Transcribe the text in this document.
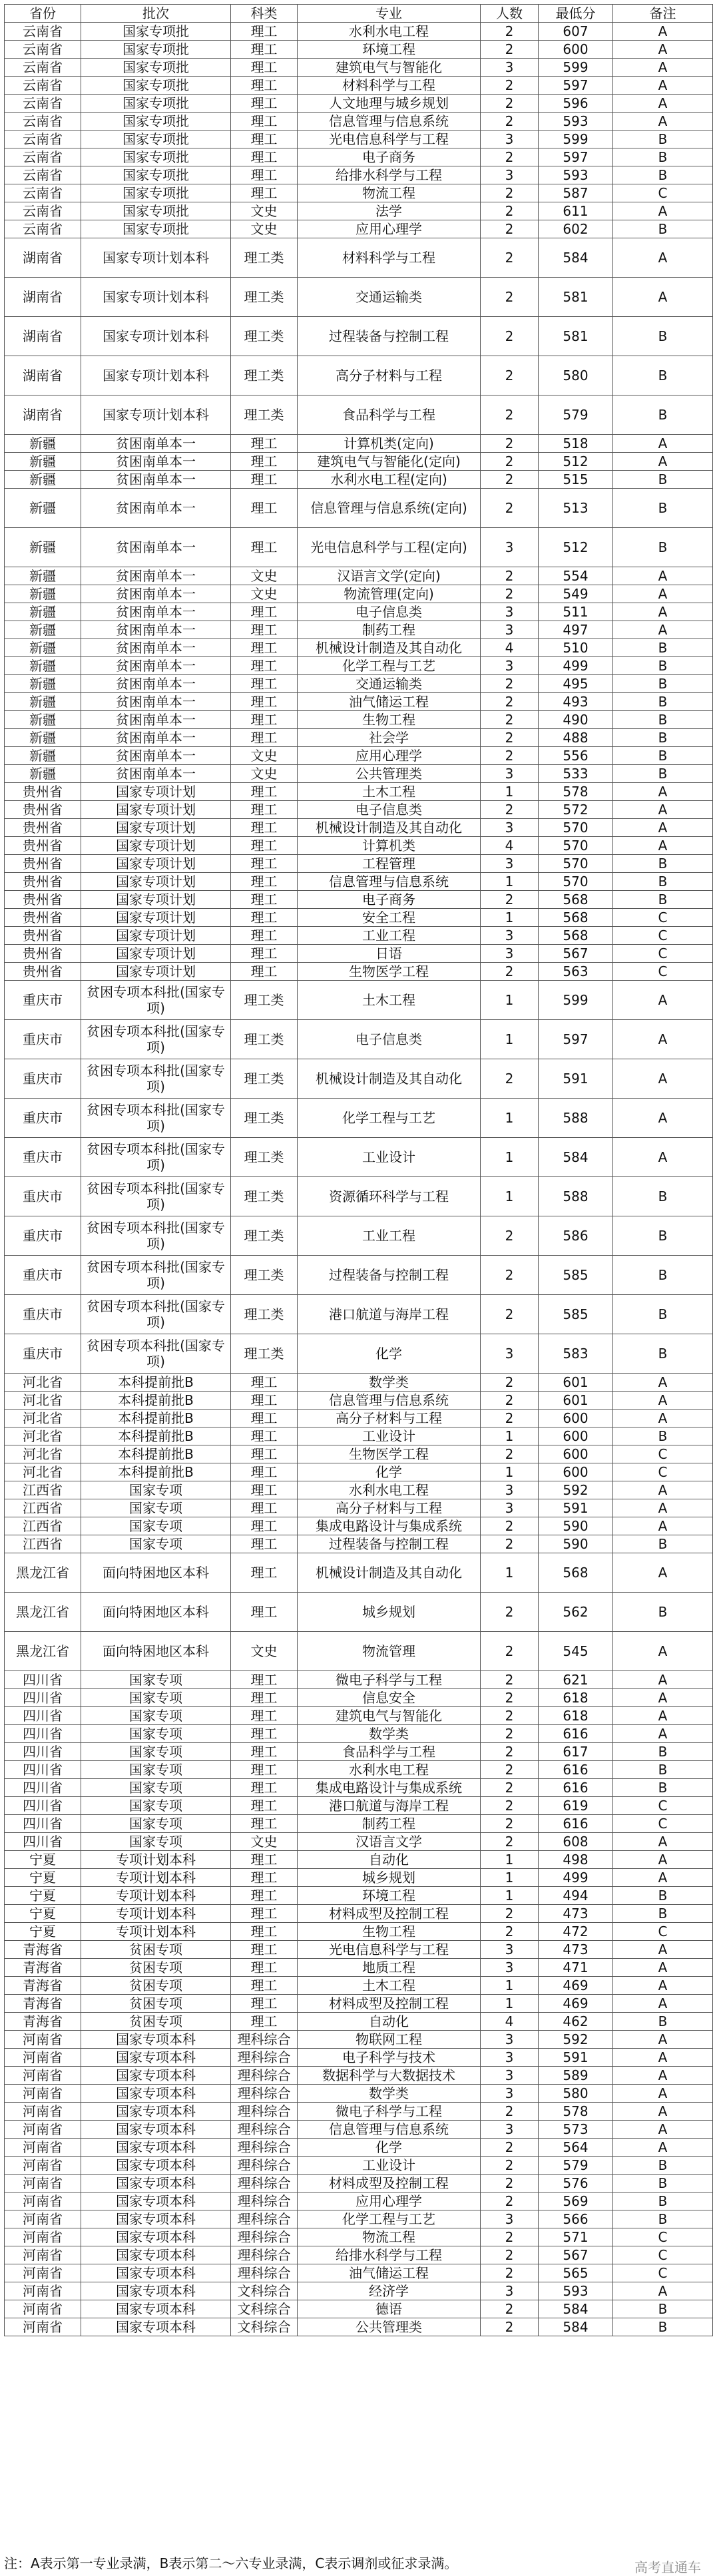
省份	批次	科类	专业	人数	最低分	备注
云南省	国家专项批	理工	水利水电工程	2	607	A
云南省	国家专项批	理工	环境工程	2	600	A
云南省	国家专项批	理工	建筑电气与智能化	3	599	A
云南省	国家专项批	理工	材料科学与工程	2	597	A
云南省	国家专项批	理工	人文地理与城乡规划	2	596	A
云南省	国家专项批	理工	信息管理与信息系统	2	593	A
云南省	国家专项批	理工	光电信息科学与工程	3	599	B
云南省	国家专项批	理工	电子商务	2	597	B
云南省	国家专项批	理工	给排水科学与工程	3	593	B
云南省	国家专项批	理工	物流工程	2	587	C
云南省	国家专项批	文史	法学	2	611	A
云南省	国家专项批	文史	应用心理学	2	602	B
湖南省	国家专项计划本科	理工类	材料科学与工程	2	584	A
湖南省	国家专项计划本科	理工类	交通运输类	2	581	A
湖南省	国家专项计划本科	理工类	过程装备与控制工程	2	581	B
湖南省	国家专项计划本科	理工类	高分子材料与工程	2	580	B
湖南省	国家专项计划本科	理工类	食品科学与工程	2	579	B
新疆	贫困南单本一	理工	计算机类(定向)	2	518	A
新疆	贫困南单本一	理工	建筑电气与智能化(定向)	2	512	A
新疆	贫困南单本一	理工	水利水电工程(定向)	2	515	B
新疆	贫困南单本一	理工	信息管理与信息系统(定向)	2	513	B
新疆	贫困南单本一	理工	光电信息科学与工程(定向)	3	512	B
新疆	贫困南单本一	文史	汉语言文学(定向)	2	554	A
新疆	贫困南单本一	文史	物流管理(定向)	2	549	A
新疆	贫困南单本一	理工	电子信息类	3	511	A
新疆	贫困南单本一	理工	制药工程	3	497	A
新疆	贫困南单本一	理工	机械设计制造及其自动化	4	510	B
新疆	贫困南单本一	理工	化学工程与工艺	3	499	B
新疆	贫困南单本一	理工	交通运输类	2	495	B
新疆	贫困南单本一	理工	油气储运工程	2	493	B
新疆	贫困南单本一	理工	生物工程	2	490	B
新疆	贫困南单本一	理工	社会学	2	488	B
新疆	贫困南单本一	文史	应用心理学	2	556	B
新疆	贫困南单本一	文史	公共管理类	3	533	B
贵州省	国家专项计划	理工	土木工程	1	578	A
贵州省	国家专项计划	理工	电子信息类	2	572	A
贵州省	国家专项计划	理工	机械设计制造及其自动化	3	570	A
贵州省	国家专项计划	理工	计算机类	4	570	A
贵州省	国家专项计划	理工	工程管理	3	570	B
贵州省	国家专项计划	理工	信息管理与信息系统	1	570	B
贵州省	国家专项计划	理工	电子商务	2	568	B
贵州省	国家专项计划	理工	安全工程	1	568	C
贵州省	国家专项计划	理工	工业工程	3	568	C
贵州省	国家专项计划	理工	日语	3	567	C
贵州省	国家专项计划	理工	生物医学工程	2	563	C
重庆市	贫困专项本科批(国家专项)	理工类	土木工程	1	599	A
重庆市	贫困专项本科批(国家专项)	理工类	电子信息类	1	597	A
重庆市	贫困专项本科批(国家专项)	理工类	机械设计制造及其自动化	2	591	A
重庆市	贫困专项本科批(国家专项)	理工类	化学工程与工艺	1	588	A
重庆市	贫困专项本科批(国家专项)	理工类	工业设计	1	584	A
重庆市	贫困专项本科批(国家专项)	理工类	资源循环科学与工程	1	588	B
重庆市	贫困专项本科批(国家专项)	理工类	工业工程	2	586	B
重庆市	贫困专项本科批(国家专项)	理工类	过程装备与控制工程	2	585	B
重庆市	贫困专项本科批(国家专项)	理工类	港口航道与海岸工程	2	585	B
重庆市	贫困专项本科批(国家专项)	理工类	化学	3	583	B
河北省	本科提前批B	理工	数学类	2	601	A
河北省	本科提前批B	理工	信息管理与信息系统	2	601	A
河北省	本科提前批B	理工	高分子材料与工程	2	600	A
河北省	本科提前批B	理工	工业设计	1	600	B
河北省	本科提前批B	理工	生物医学工程	2	600	C
河北省	本科提前批B	理工	化学	1	600	C
江西省	国家专项	理工	水利水电工程	3	592	A
江西省	国家专项	理工	高分子材料与工程	3	591	A
江西省	国家专项	理工	集成电路设计与集成系统	2	590	A
江西省	国家专项	理工	过程装备与控制工程	2	590	B
黑龙江省	面向特困地区本科	理工	机械设计制造及其自动化	1	568	A
黑龙江省	面向特困地区本科	理工	城乡规划	2	562	B
黑龙江省	面向特困地区本科	文史	物流管理	2	545	A
四川省	国家专项	理工	微电子科学与工程	2	621	A
四川省	国家专项	理工	信息安全	2	618	A
四川省	国家专项	理工	建筑电气与智能化	2	618	A
四川省	国家专项	理工	数学类	2	616	A
四川省	国家专项	理工	食品科学与工程	2	617	B
四川省	国家专项	理工	水利水电工程	2	616	B
四川省	国家专项	理工	集成电路设计与集成系统	2	616	B
四川省	国家专项	理工	港口航道与海岸工程	2	619	C
四川省	国家专项	理工	制药工程	2	616	C
四川省	国家专项	文史	汉语言文学	2	608	A
宁夏	专项计划本科	理工	自动化	1	498	A
宁夏	专项计划本科	理工	城乡规划	1	499	A
宁夏	专项计划本科	理工	环境工程	1	494	B
宁夏	专项计划本科	理工	材料成型及控制工程	2	473	B
宁夏	专项计划本科	理工	生物工程	2	472	C
青海省	贫困专项	理工	光电信息科学与工程	3	473	A
青海省	贫困专项	理工	地质工程	3	471	A
青海省	贫困专项	理工	土木工程	1	469	A
青海省	贫困专项	理工	材料成型及控制工程	1	469	A
青海省	贫困专项	理工	自动化	4	462	B
河南省	国家专项本科	理科综合	物联网工程	3	592	A
河南省	国家专项本科	理科综合	电子科学与技术	3	591	A
河南省	国家专项本科	理科综合	数据科学与大数据技术	3	589	A
河南省	国家专项本科	理科综合	数学类	3	580	A
河南省	国家专项本科	理科综合	微电子科学与工程	2	578	A
河南省	国家专项本科	理科综合	信息管理与信息系统	3	573	A
河南省	国家专项本科	理科综合	化学	2	564	A
河南省	国家专项本科	理科综合	工业设计	2	579	B
河南省	国家专项本科	理科综合	材料成型及控制工程	2	576	B
河南省	国家专项本科	理科综合	应用心理学	2	569	B
河南省	国家专项本科	理科综合	化学工程与工艺	3	566	B
河南省	国家专项本科	理科综合	物流工程	2	571	C
河南省	国家专项本科	理科综合	给排水科学与工程	2	567	C
河南省	国家专项本科	理科综合	油气储运工程	2	565	C
河南省	国家专项本科	文科综合	经济学	3	593	A
河南省	国家专项本科	文科综合	德语	2	584	B
河南省	国家专项本科	文科综合	公共管理类	2	584	B
注：A表示第一专业录满，B表示第二～六专业录满，C表示调剂或征求录满。	高考直通车
